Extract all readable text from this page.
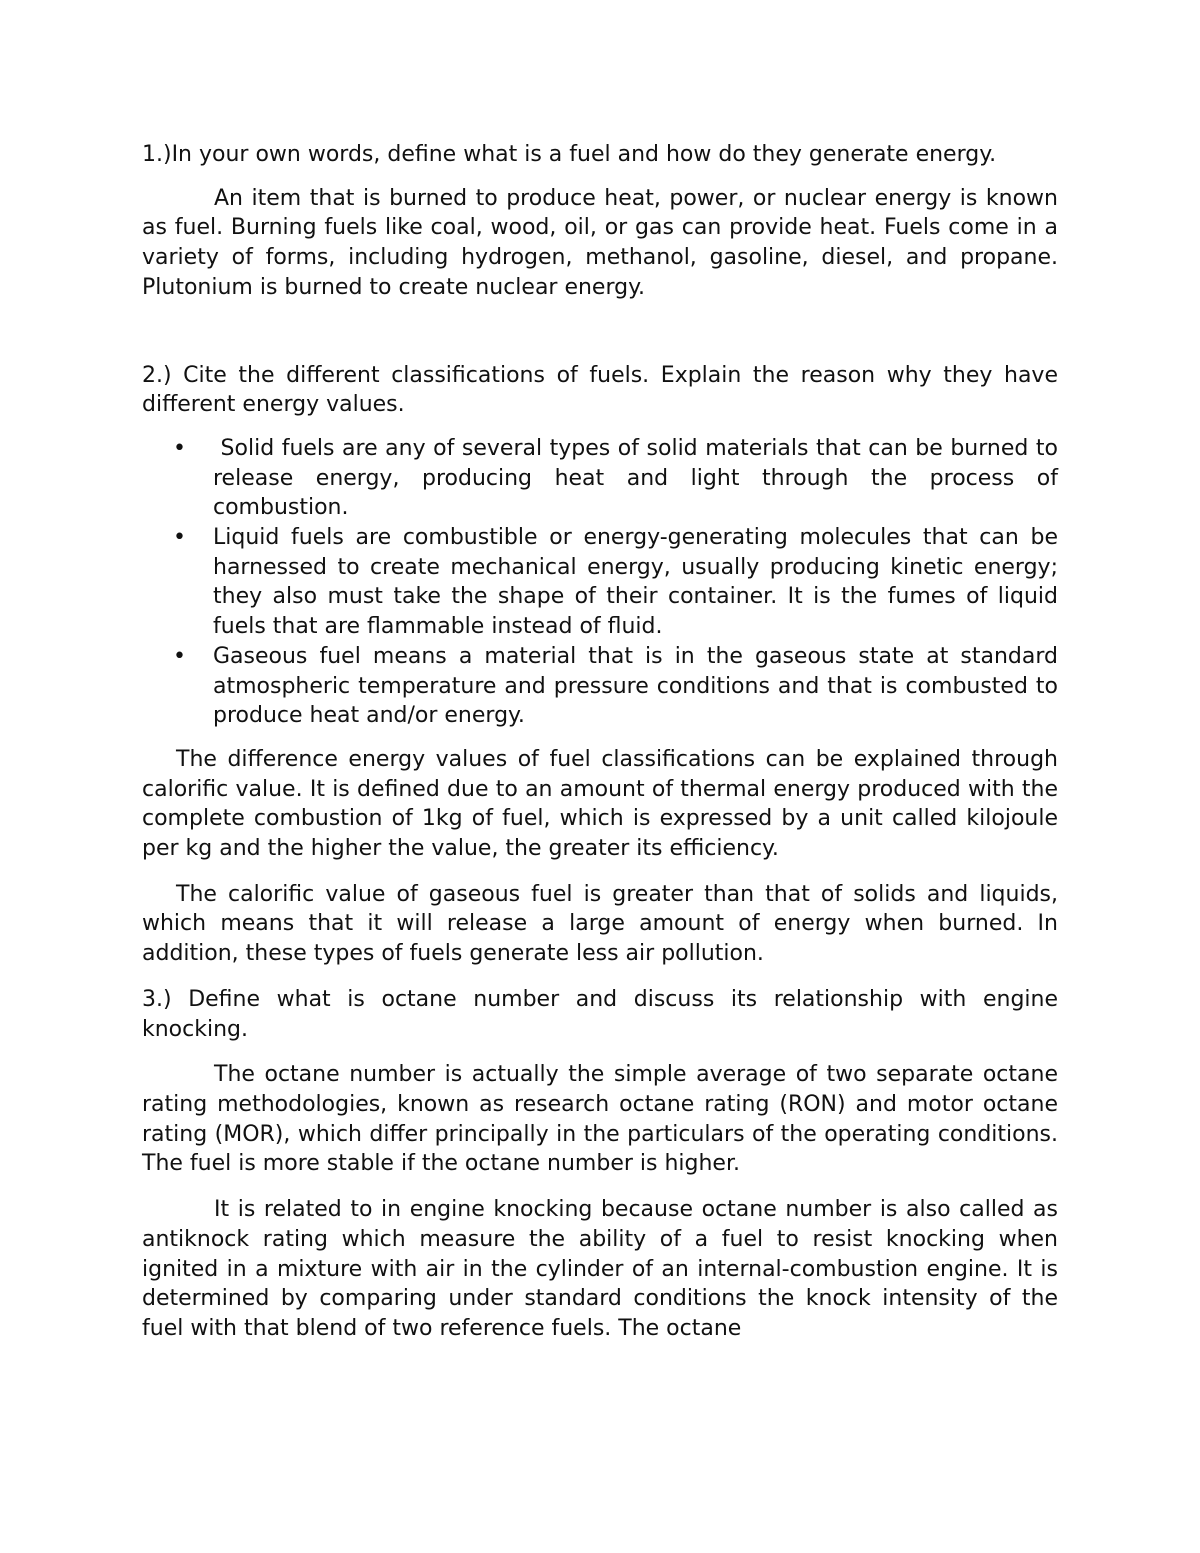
1.)In your own words, define what is a fuel and how do they generate energy.

An item that is burned to produce heat, power, or nuclear energy is known as fuel. Burning fuels like coal, wood, oil, or gas can provide heat. Fuels come in a variety of forms, including hydrogen, methanol, gasoline, diesel, and propane. Plutonium is burned to create nuclear energy.

2.) Cite the different classifications of fuels. Explain the reason why they have different energy values.

• Solid fuels are any of several types of solid materials that can be burned to release energy, producing heat and light through the process of combustion.
• Liquid fuels are combustible or energy-generating molecules that can be harnessed to create mechanical energy, usually producing kinetic energy; they also must take the shape of their container. It is the fumes of liquid fuels that are flammable instead of fluid.
• Gaseous fuel means a material that is in the gaseous state at standard atmospheric temperature and pressure conditions and that is combusted to produce heat and/or energy.

The difference energy values of fuel classifications can be explained through calorific value. It is defined due to an amount of thermal energy produced with the complete combustion of 1kg of fuel, which is expressed by a unit called kilojoule per kg and the higher the value, the greater its efficiency.

The calorific value of gaseous fuel is greater than that of solids and liquids, which means that it will release a large amount of energy when burned. In addition, these types of fuels generate less air pollution.

3.) Define what is octane number and discuss its relationship with engine knocking.

The octane number is actually the simple average of two separate octane rating methodologies, known as research octane rating (RON) and motor octane rating (MOR), which differ principally in the particulars of the operating conditions. The fuel is more stable if the octane number is higher.

It is related to in engine knocking because octane number is also called as antiknock rating which measure the ability of a fuel to resist knocking when ignited in a mixture with air in the cylinder of an internal-combustion engine. It is determined by comparing under standard conditions the knock intensity of the fuel with that blend of two reference fuels. The octane
